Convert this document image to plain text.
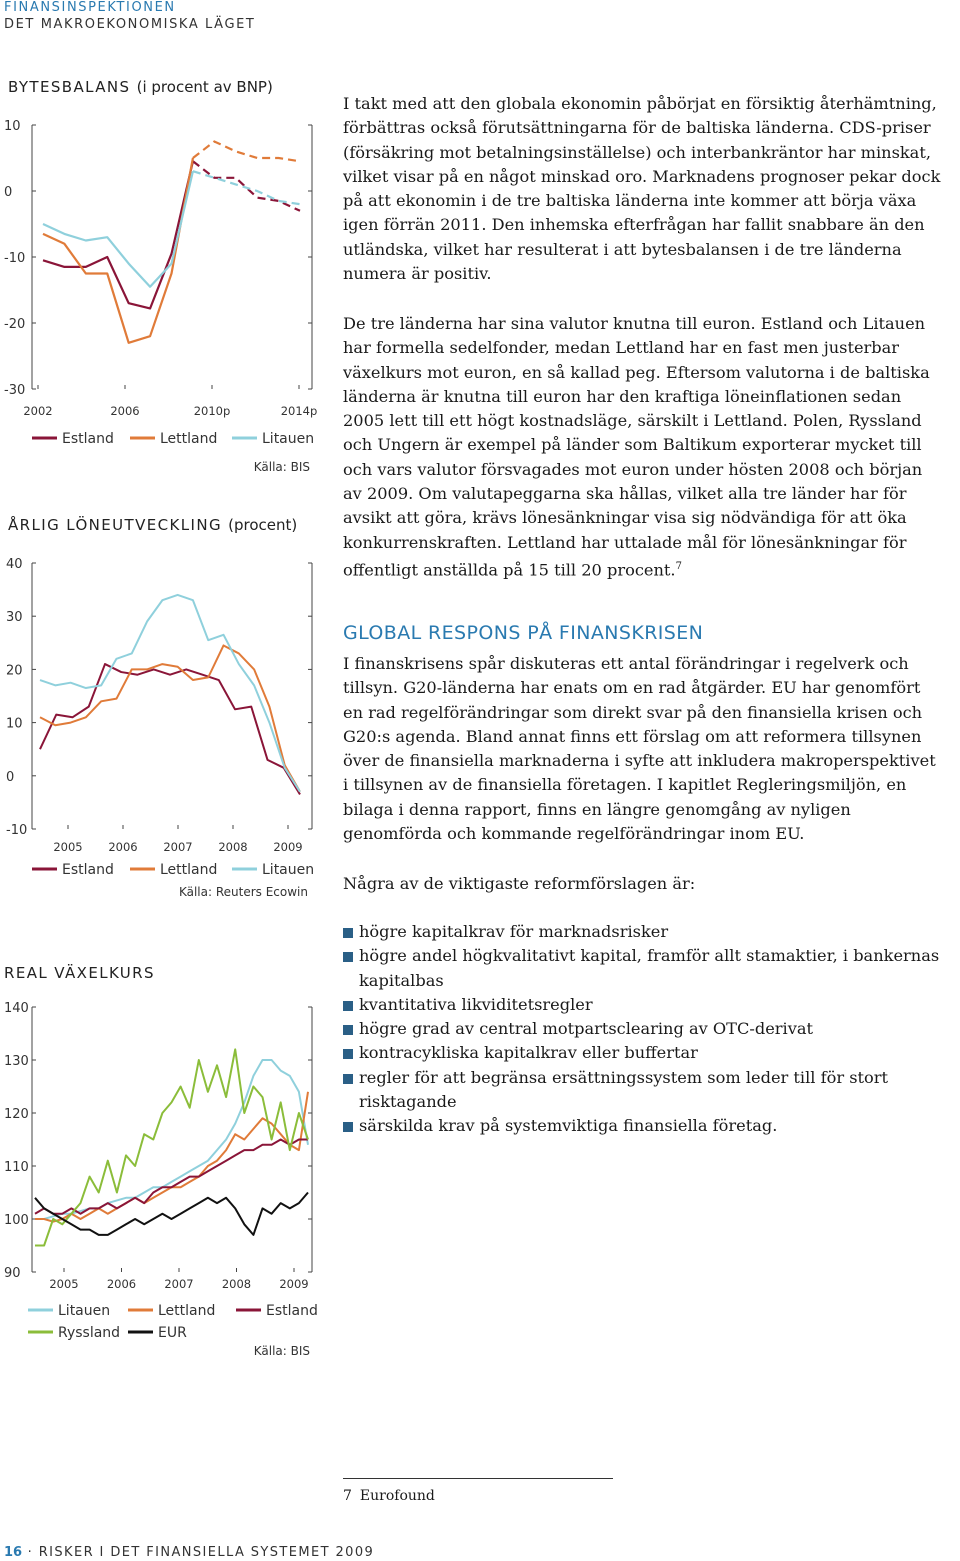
FINANSINSPEKTIONEN
DET MAKROEKONOMISKA LÄGET
BYTESBALANS (i procent av BNP)
10
0
-10
-20
-30
2002	2006	2010p	2014p
Estland	Lettland	Litauen
Källa: BIS
ÅRLIG LÖNEUTVECKLING (procent)
40
30
20
10
0
-10
2005 2006 2007 2008 2009
Estland	Lettland	Litauen
Källa: Reuters Ecowin
REAL VÄXELKURS
140
130
120
110
100
90
2005 2006 2007 2008 2009
Litauen	Lettland	Estland
Ryssland	EUR
Källa: BIS

I takt med att den globala ekonomin påbörjat en försiktig återhämtning, förbättras också förutsättningarna för de baltiska länderna. CDS-priser (försäkring mot betalningsinställelse) och interbankräntor har minskat, vilket visar på en något minskad oro. Marknadens prognoser pekar dock på att ekonomin i de tre baltiska länderna inte kommer att börja växa igen förrän 2011. Den inhemska efterfrågan har fallit snabbare än den utländska, vilket har resulterat i att bytesbalansen i de tre länderna numera är positiv.

De tre länderna har sina valutor knutna till euron. Estland och Litauen har formella sedelfonder, medan Lettland har en fast men justerbar växelkurs mot euron, en så kallad peg. Eftersom valutorna i de baltiska länderna är knutna till euron har den kraftiga löneinflationen sedan 2005 lett till ett högt kostnadsläge, särskilt i Lettland. Polen, Ryssland och Ungern är exempel på länder som Baltikum exporterar mycket till och vars valutor försvagades mot euron under hösten 2008 och början av 2009. Om valutapeggarna ska hållas, vilket alla tre länder har för avsikt att göra, krävs lönesänkningar visa sig nödvändiga för att öka konkurrenskraften. Lettland har uttalade mål för lönesänkningar för offentligt anställda på 15 till 20 procent.$^7$

GLOBAL RESPONS PÅ FINANSKRISEN

I finanskrisens spår diskuteras ett antal förändringar i regelverk och tillsyn. G20-länderna har enats om en rad åtgärder. EU har genomfört en rad regelförändringar som direkt svar på den finansiella krisen och G20:s agenda. Bland annat finns ett förslag om att reformera tillsynen över de finansiella marknaderna i syfte att inkludera makroperspektivet i tillsynen av de finansiella företagen. I kapitlet Regleringsmiljön, en bilaga i denna rapport, finns en längre genomgång av nyligen genomförda och kommande regelförändringar inom EU.

Några av de viktigaste reformförslagen är:

högre kapitalkrav för marknadsrisker
högre andel högkvalitativt kapital, framför allt stamaktier, i bankernas kapitalbas
kvantitativa likviditetsregler
högre grad av central motpartsclearing av OTC-derivat
kontracykliska kapitalkrav eller buffertar
regler för att begränsa ersättningssystem som leder till för stort risktagande
särskilda krav på systemviktiga finansiella företag.
7 Eurofound
16 · RISKER I DET FINANSIELLA SYSTEMET 2009
